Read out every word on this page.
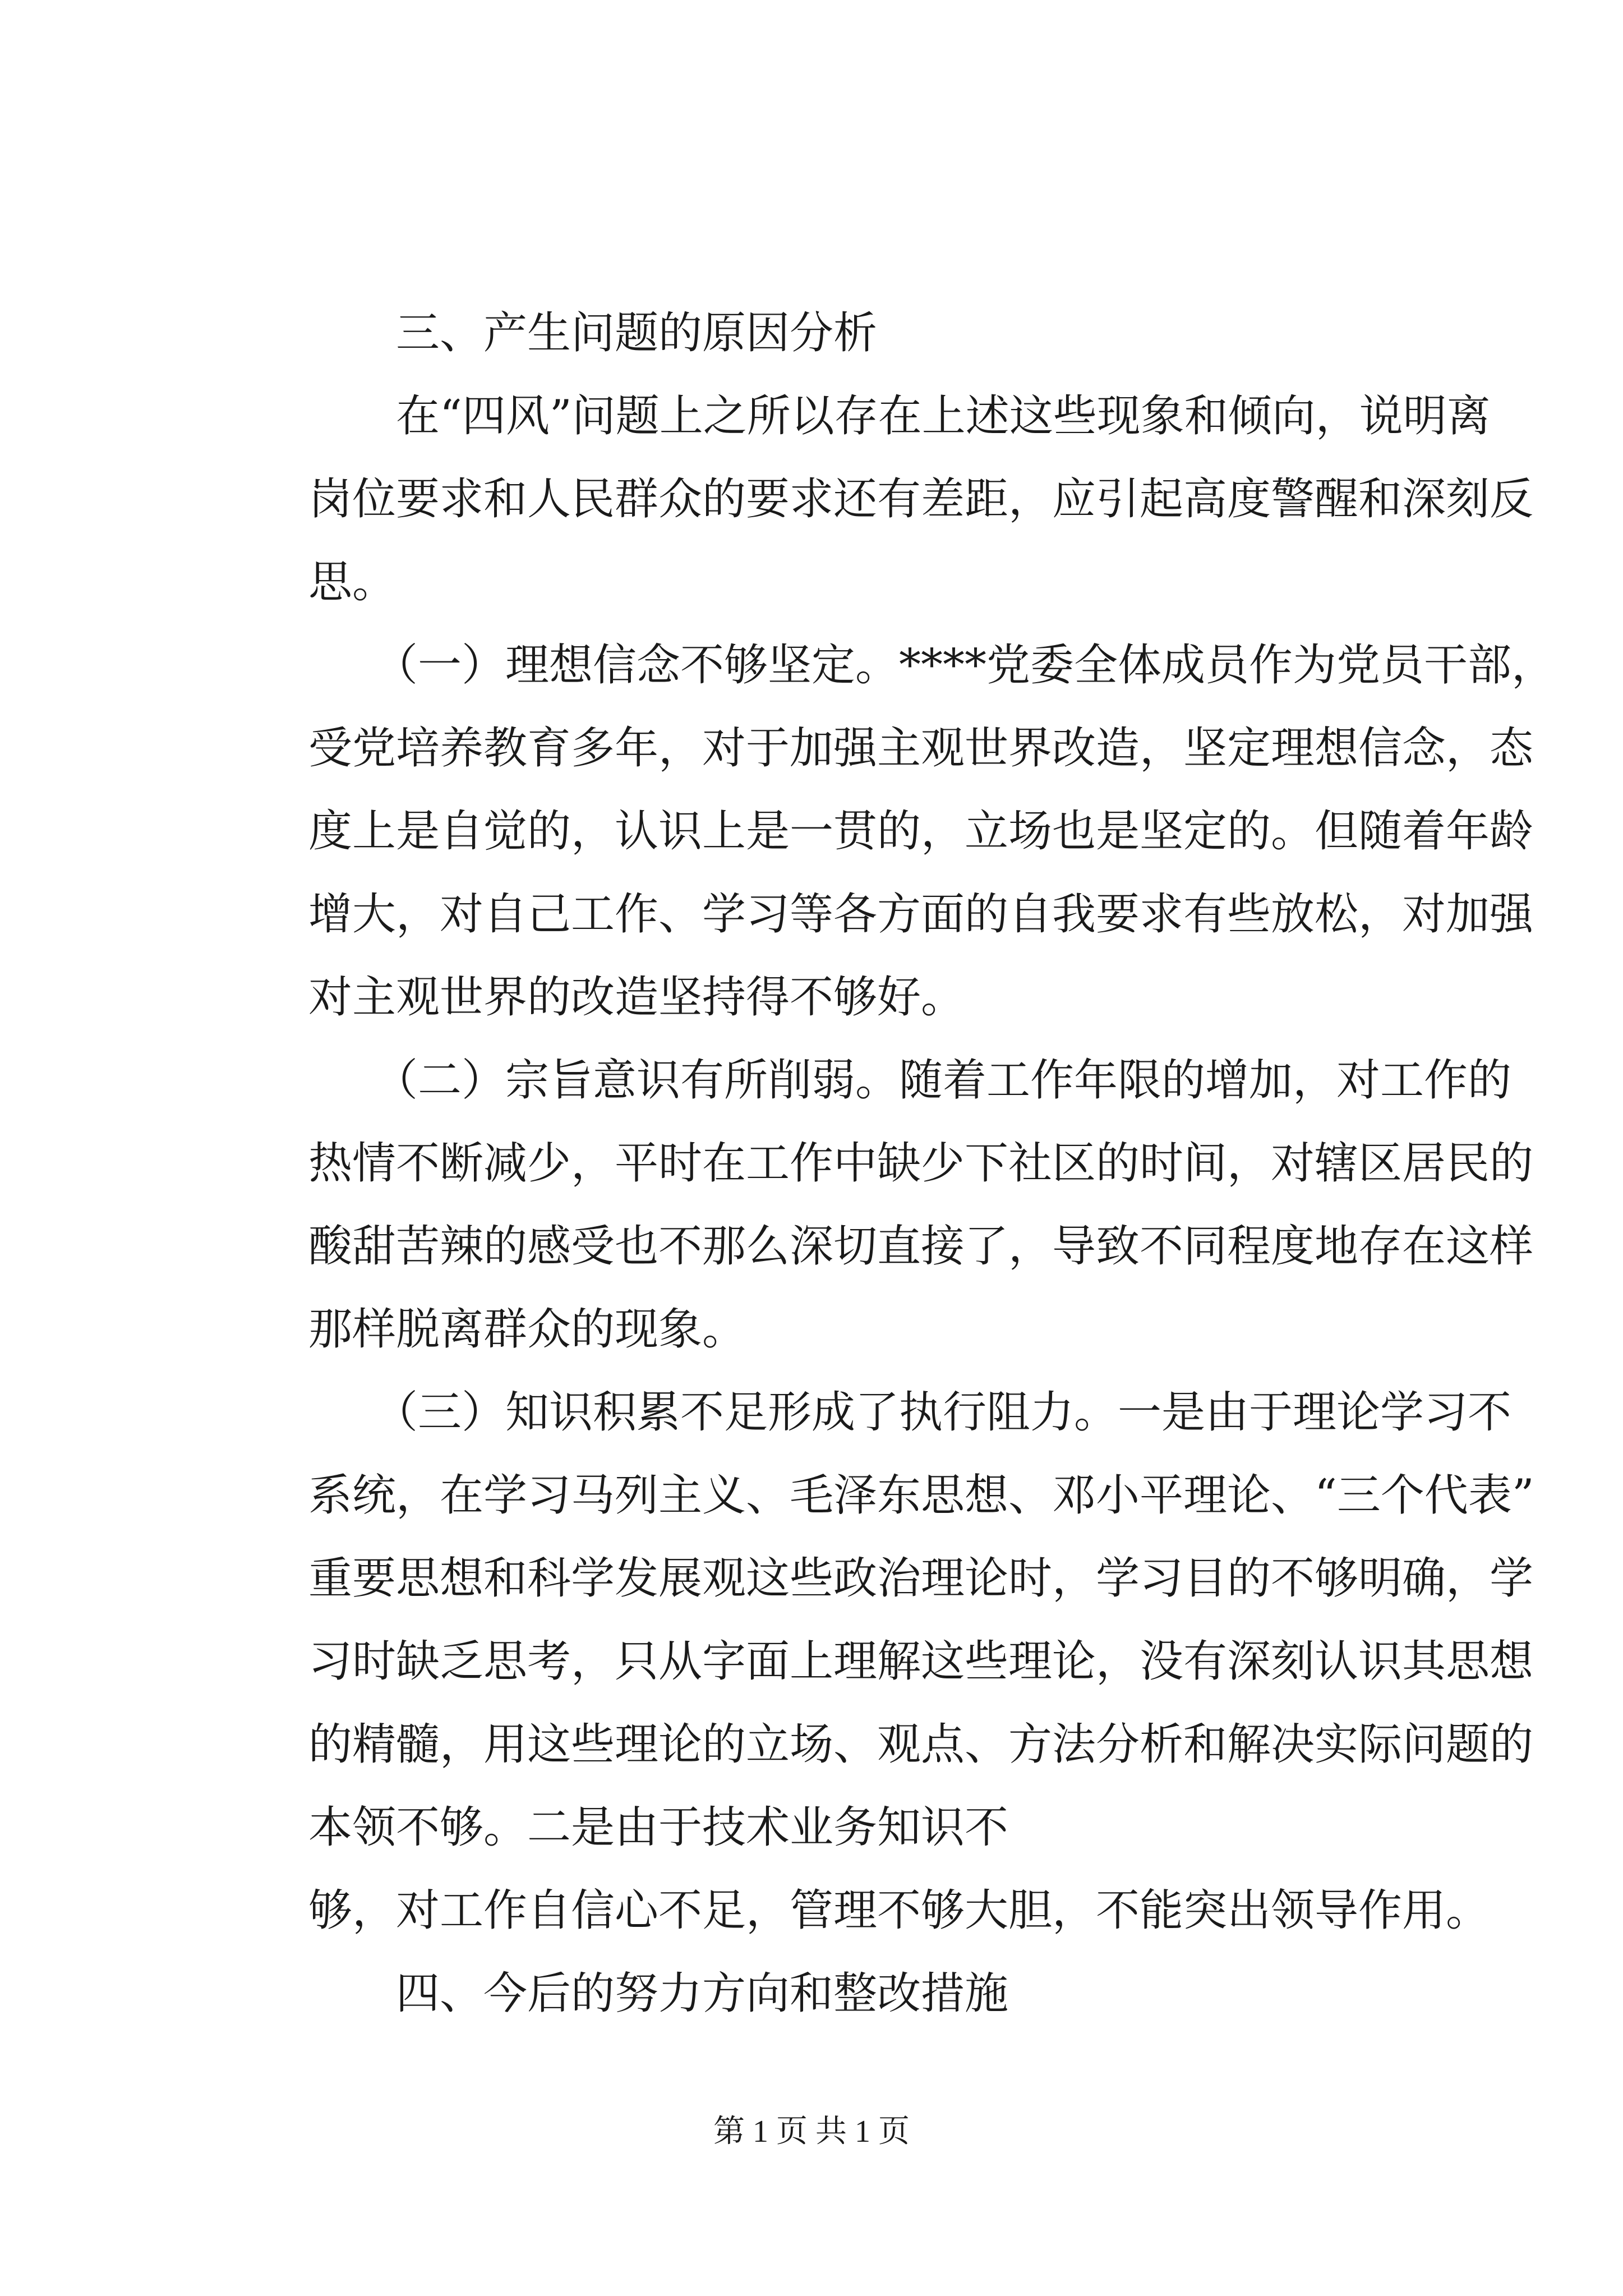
　　三、产生问题的原因分析
　　在“四风”问题上之所以存在上述这些现象和倾向，说明离
岗位要求和人民群众的要求还有差距，应引起高度警醒和深刻反
思。
　　（一）理想信念不够坚定。****党委全体成员作为党员干部，
受党培养教育多年，对于加强主观世界改造，坚定理想信念，态
度上是自觉的，认识上是一贯的，立场也是坚定的。但随着年龄
增大，对自己工作、学习等各方面的自我要求有些放松，对加强
对主观世界的改造坚持得不够好。
　　（二）宗旨意识有所削弱。随着工作年限的增加，对工作的
热情不断减少，平时在工作中缺少下社区的时间，对辖区居民的
酸甜苦辣的感受也不那么深切直接了，导致不同程度地存在这样
那样脱离群众的现象。
　　（三）知识积累不足形成了执行阻力。一是由于理论学习不
系统，在学习马列主义、毛泽东思想、邓小平理论、“三个代表”
重要思想和科学发展观这些政治理论时，学习目的不够明确，学
习时缺乏思考，只从字面上理解这些理论，没有深刻认识其思想
的精髓，用这些理论的立场、观点、方法分析和解决实际问题的
本领不够。二是由于技术业务知识不
够，对工作自信心不足，管理不够大胆，不能突出领导作用。
　　四、今后的努力方向和整改措施
第 1 页 共 1 页
